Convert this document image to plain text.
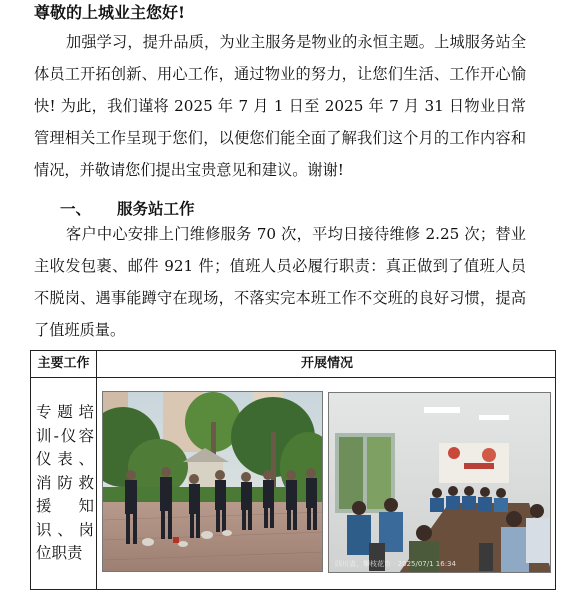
尊敬的上城业主您好!
加强学习，提升品质，为业主服务是物业的永恒主题。上城服务站全体员工开拓创新、用心工作，通过物业的努力，让您们生活、工作开心愉快! 为此，我们谨将 2025 年 7 月 1 日至 2025 年 7 月 31 日物业日常管理相关工作呈现于您们，以便您们能全面了解我们这个月的工作内容和情况，并敬请您们提出宝贵意见和建议。谢谢!
一、 服务站工作
客户中心安排上门维修服务 70 次，平均日接待维修 2.25 次；替业主收发包裹、邮件 921 件；值班人员必履行职责：真正做到了值班人员不脱岗、遇事能蹲守在现场，不落实完本班工作不交班的良好习惯，提高了值班质量。
主要工作	开展情况
专题培训-仪容仪表、消防救援知识、岗位职责
四川省、攀枝花市 · 2025/07/1 16:34
